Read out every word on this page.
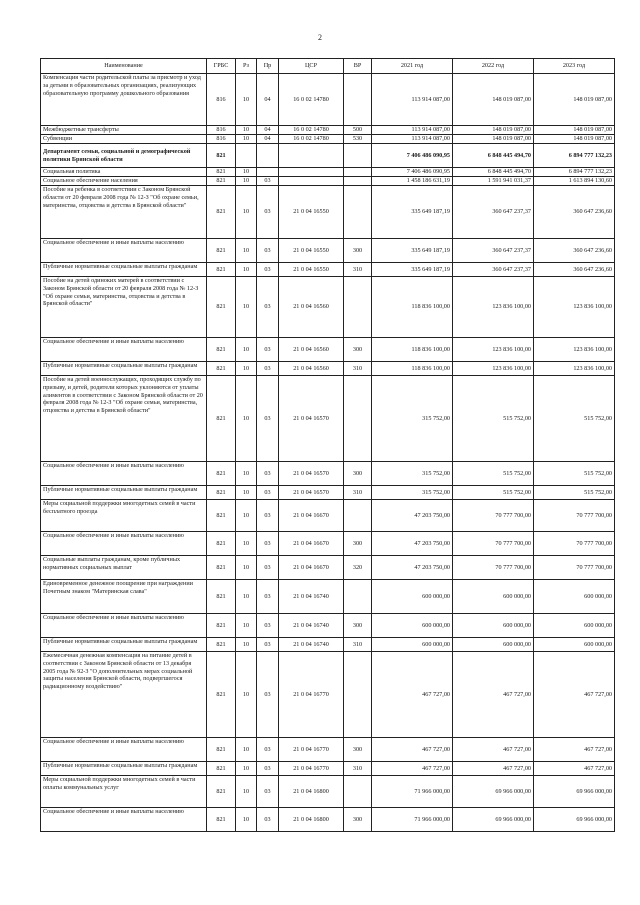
2
Наименование	ГРБС	Рз	Пр	ЦСР	ВР	2021 год	2022 год	2023 год
Компенсация части родительской платы за присмотр и уход за детьми в образовательных организациях, реализующих образовательную программу дошкольного образования	816	10	04	16 0 02 14780		113 914 087,00	148 019 087,00	148 019 087,00
Межбюджетные трансферты	816	10	04	16 0 02 14780	500	113 914 087,00	148 019 087,00	148 019 087,00
Субвенции	816	10	04	16 0 02 14780	530	113 914 087,00	148 019 087,00	148 019 087,00
Департамент семьи, социальной и демографической политики Брянской области	821					7 406 486 090,95	6 848 445 494,70	6 894 777 132,23
Социальная политика	821	10				7 406 486 090,95	6 848 445 494,70	6 894 777 132,23
Социальное обеспечение населения	821	10	03			1 458 186 631,19	1 591 941 031,37	1 613 894 130,60
Пособие на ребенка в соответствии с Законом Брянской области от 20 февраля 2008 года № 12-З "Об охране семьи, материнства, отцовства и детства в Брянской области"	821	10	03	21 0 04 16550		335 649 187,19	360 647 237,37	360 647 236,60
Социальное обеспечение и иные выплаты населению	821	10	03	21 0 04 16550	300	335 649 187,19	360 647 237,37	360 647 236,60
Публичные нормативные социальные выплаты гражданам	821	10	03	21 0 04 16550	310	335 649 187,19	360 647 237,37	360 647 236,60
Пособие на детей одиноких матерей в соответствии с Законом Брянской области от 20 февраля 2008 года № 12-З "Об охране семьи, материнства, отцовства и детства в Брянской области"	821	10	03	21 0 04 16560		118 836 100,00	123 836 100,00	123 836 100,00
Социальное обеспечение и иные выплаты населению	821	10	03	21 0 04 16560	300	118 836 100,00	123 836 100,00	123 836 100,00
Публичные нормативные социальные выплаты гражданам	821	10	03	21 0 04 16560	310	118 836 100,00	123 836 100,00	123 836 100,00
Пособие на детей военнослужащих, проходящих службу по призыву, и детей, родители которых уклоняются от уплаты алиментов в соответствии с Законом Брянской области от 20 февраля 2008 года № 12-З "Об охране семьи, материнства, отцовства и детства в Брянской области"	821	10	03	21 0 04 16570		315 752,00	515 752,00	515 752,00
Социальное обеспечение и иные выплаты населению	821	10	03	21 0 04 16570	300	315 752,00	515 752,00	515 752,00
Публичные нормативные социальные выплаты гражданам	821	10	03	21 0 04 16570	310	315 752,00	515 752,00	515 752,00
Меры социальной поддержки многодетных семей в части бесплатного проезда	821	10	03	21 0 04 16670		47 203 750,00	70 777 700,00	70 777 700,00
Социальное обеспечение и иные выплаты населению	821	10	03	21 0 04 16670	300	47 203 750,00	70 777 700,00	70 777 700,00
Социальные выплаты гражданам, кроме публичных нормативных социальных выплат	821	10	03	21 0 04 16670	320	47 203 750,00	70 777 700,00	70 777 700,00
Единовременное денежное поощрение при награждении Почетным знаком "Материнская слава"	821	10	03	21 0 04 16740		600 000,00	600 000,00	600 000,00
Социальное обеспечение и иные выплаты населению	821	10	03	21 0 04 16740	300	600 000,00	600 000,00	600 000,00
Публичные нормативные социальные выплаты гражданам	821	10	03	21 0 04 16740	310	600 000,00	600 000,00	600 000,00
Ежемесячная денежная компенсация на питание детей в соответствии с Законом Брянской области от 13 декабря 2005 года № 92-З "О дополнительных мерах социальной защиты населения Брянской области, подвергшегося радиационному воздействию"	821	10	03	21 0 04 16770		467 727,00	467 727,00	467 727,00
Социальное обеспечение и иные выплаты населению	821	10	03	21 0 04 16770	300	467 727,00	467 727,00	467 727,00
Публичные нормативные социальные выплаты гражданам	821	10	03	21 0 04 16770	310	467 727,00	467 727,00	467 727,00
Меры социальной поддержки многодетных семей в части оплаты коммунальных услуг	821	10	03	21 0 04 16800		71 966 000,00	69 966 000,00	69 966 000,00
Социальное обеспечение и иные выплаты населению	821	10	03	21 0 04 16800	300	71 966 000,00	69 966 000,00	69 966 000,00
